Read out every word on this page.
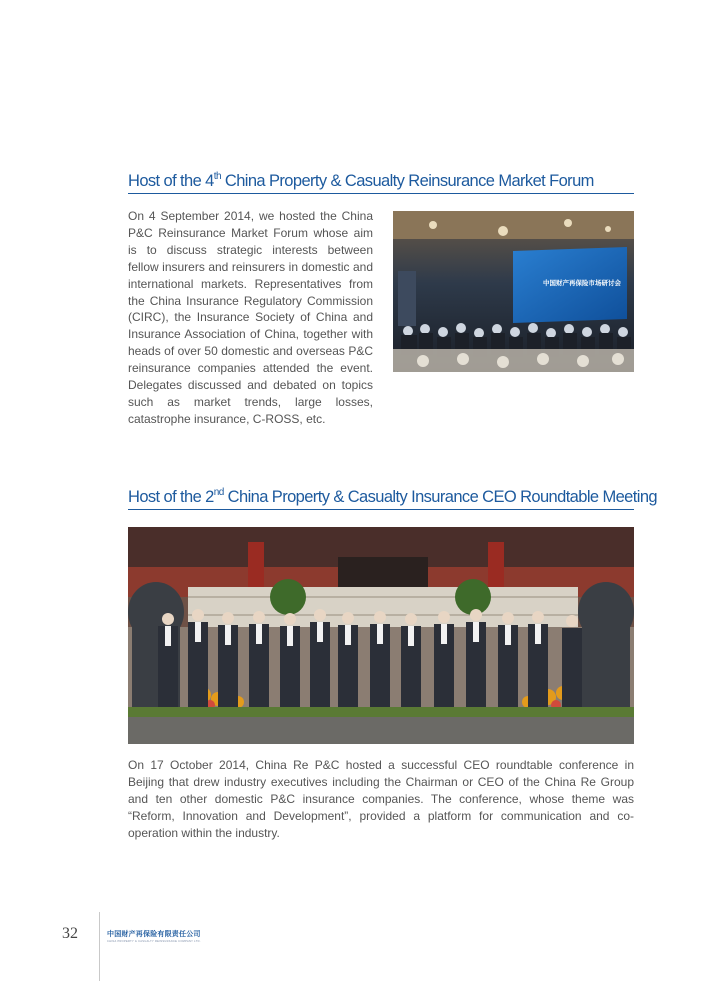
Host of the 4th China Property & Casualty Reinsurance Market Forum
On 4 September 2014, we hosted the China P&C Reinsurance Market Forum whose aim is to discuss strategic interests between fellow insurers and reinsurers in domestic and international markets. Representatives from the China Insurance Regulatory Commission (CIRC), the Insurance Society of China and Insurance Association of China, together with heads of over 50 domestic and overseas P&C reinsurance companies attended the event. Delegates discussed and debated on topics such as market trends, large losses, catastrophe insurance, C-ROSS, etc.
中国财产再保险市场研讨会
Host of the 2nd China Property & Casualty Insurance CEO Roundtable Meeting
On 17 October 2014, China Re P&C hosted a successful CEO roundtable conference in Beijing that drew industry executives including the Chairman or CEO of the China Re Group and ten other domestic P&C insurance companies. The conference, whose theme was “Reform, Innovation and Development”, provided a platform for communication and co-operation within the industry.
32	中国财产再保险有限责任公司
CHINA PROPERTY & CASUALTY REINSURANCE COMPANY LTD.
